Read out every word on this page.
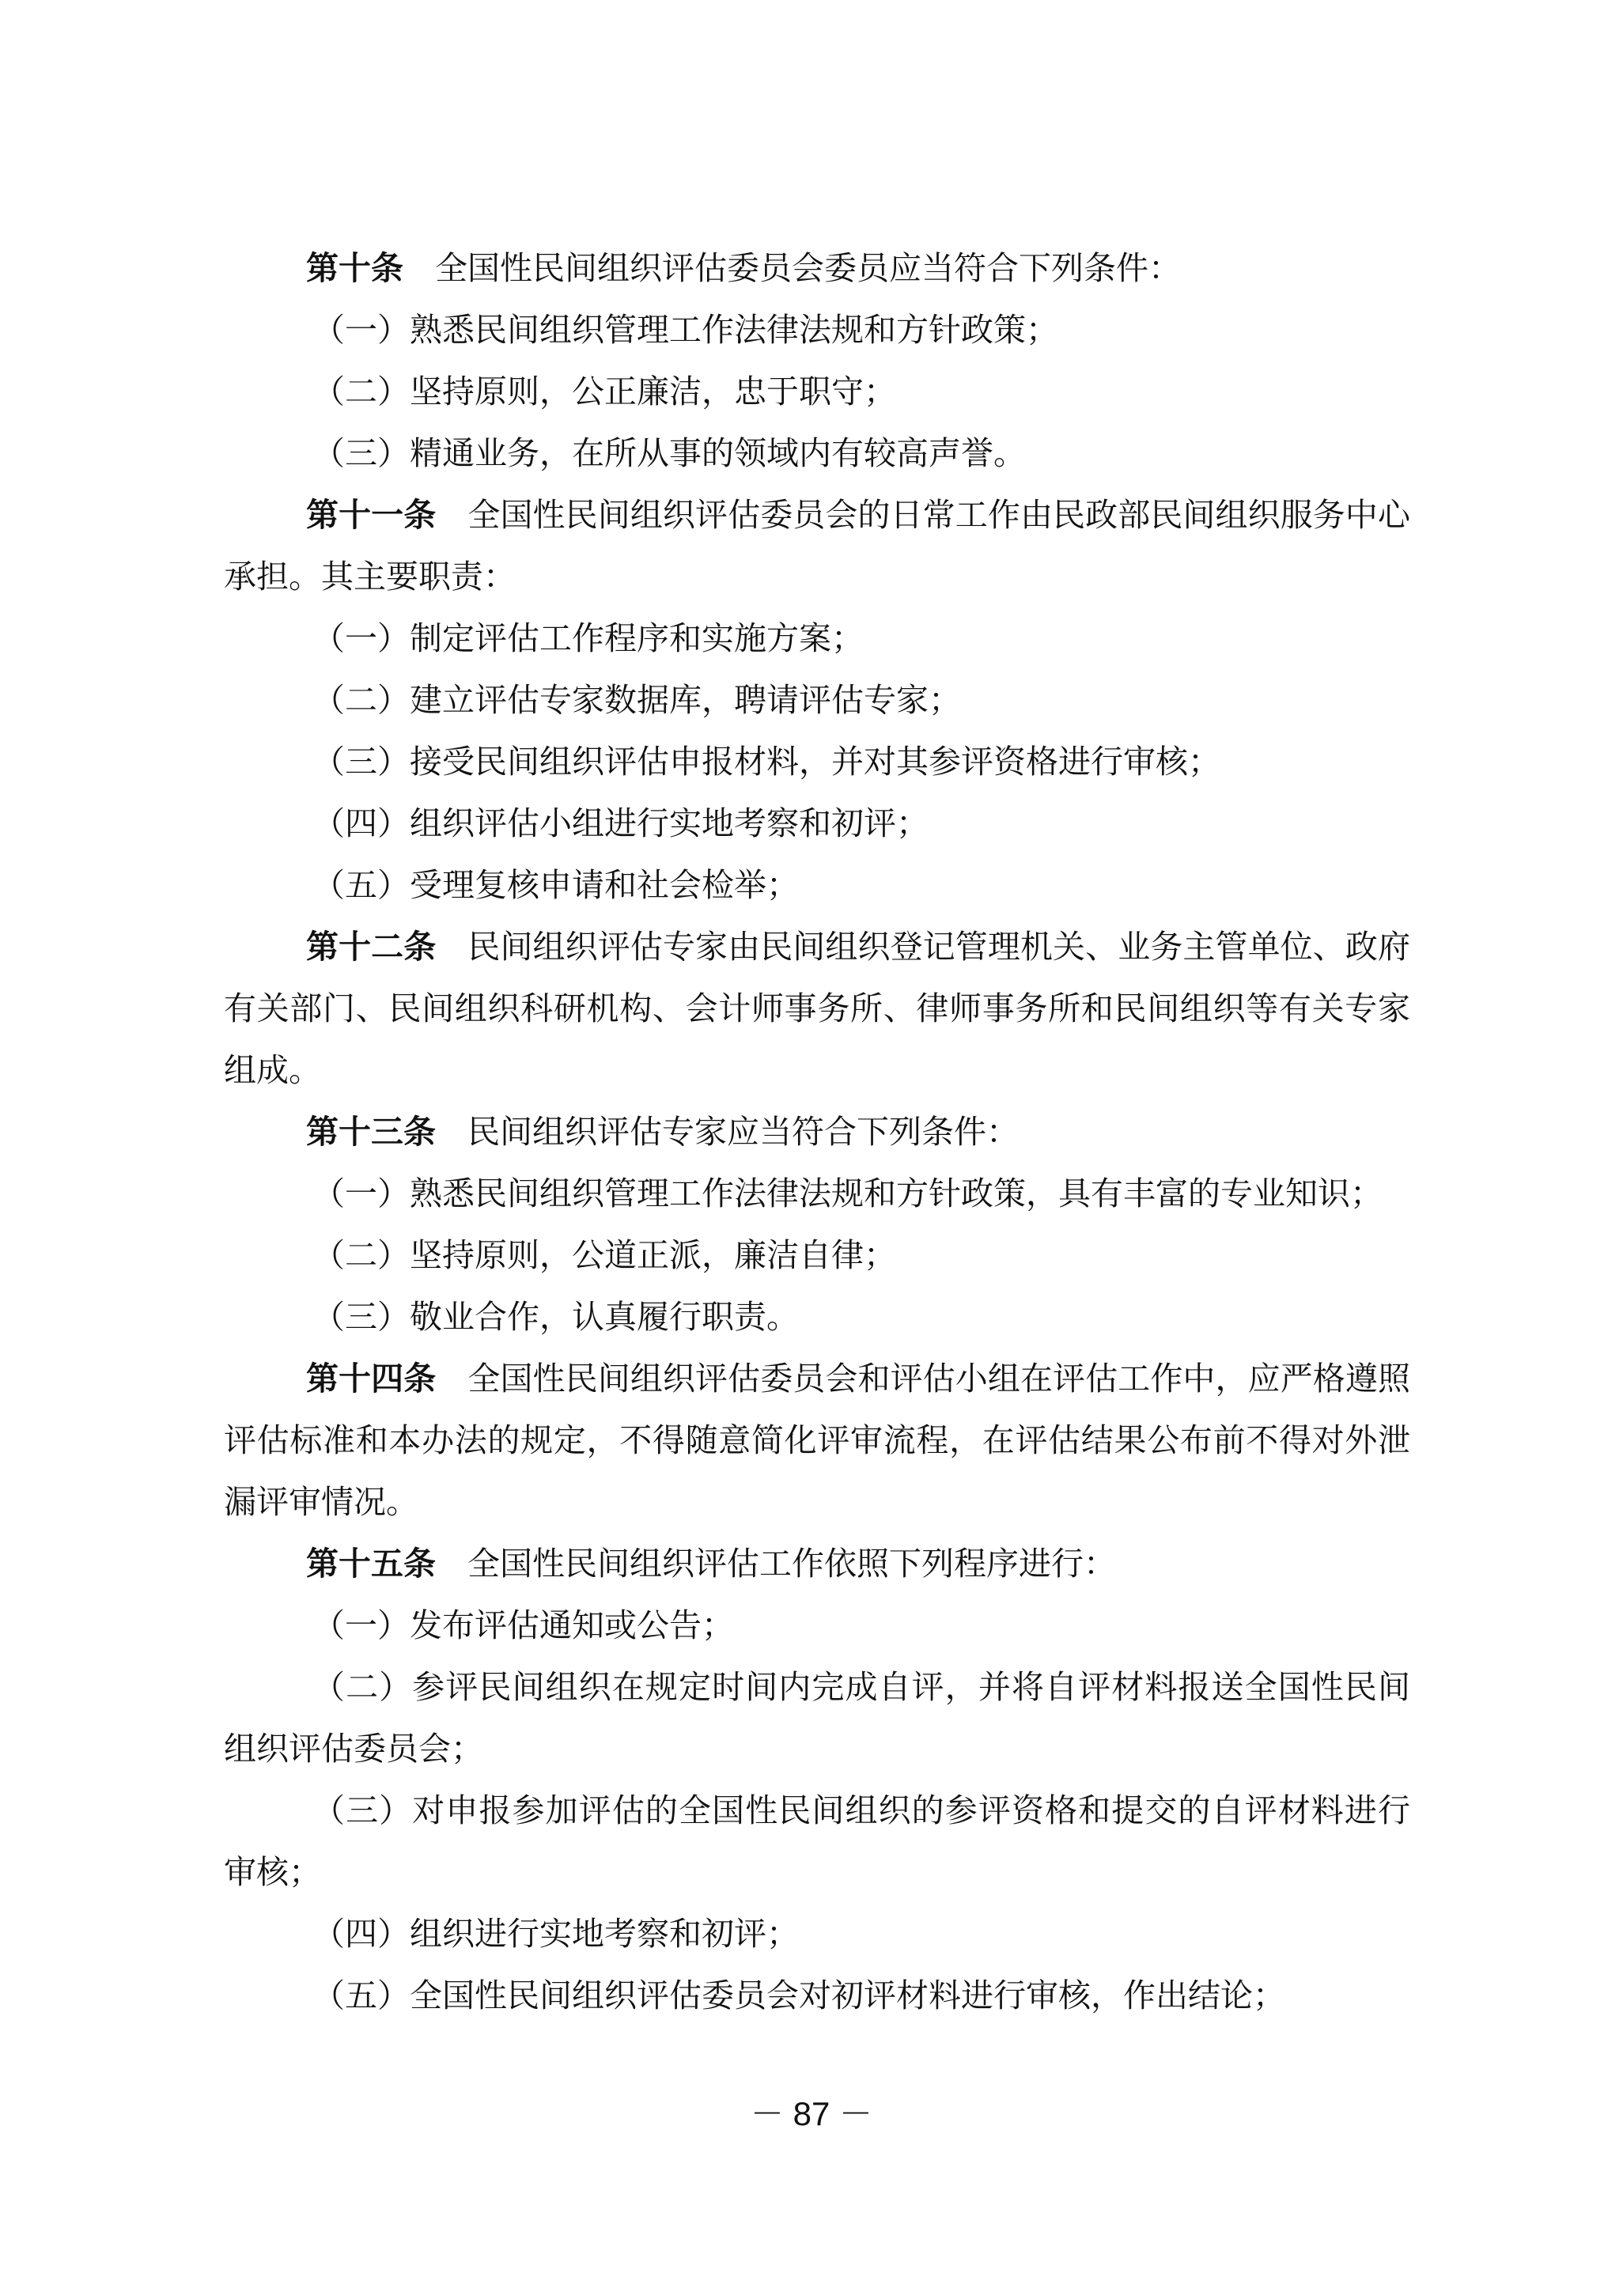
第十条 全国性民间组织评估委员会委员应当符合下列条件：

（一）熟悉民间组织管理工作法律法规和方针政策；

（二）坚持原则，公正廉洁，忠于职守；

（三）精通业务，在所从事的领域内有较高声誉。

第十一条 全国性民间组织评估委员会的日常工作由民政部民间组织服务中心承担。其主要职责：

（一）制定评估工作程序和实施方案；

（二）建立评估专家数据库，聘请评估专家；

（三）接受民间组织评估申报材料，并对其参评资格进行审核；

（四）组织评估小组进行实地考察和初评；

（五）受理复核申请和社会检举；

第十二条 民间组织评估专家由民间组织登记管理机关、业务主管单位、政府有关部门、民间组织科研机构、会计师事务所、律师事务所和民间组织等有关专家组成。

第十三条 民间组织评估专家应当符合下列条件：

（一）熟悉民间组织管理工作法律法规和方针政策，具有丰富的专业知识；

（二）坚持原则，公道正派，廉洁自律；

（三）敬业合作，认真履行职责。

第十四条 全国性民间组织评估委员会和评估小组在评估工作中，应严格遵照评估标准和本办法的规定，不得随意简化评审流程，在评估结果公布前不得对外泄漏评审情况。

第十五条 全国性民间组织评估工作依照下列程序进行：

（一）发布评估通知或公告；

（二）参评民间组织在规定时间内完成自评，并将自评材料报送全国性民间组织评估委员会；

（三）对申报参加评估的全国性民间组织的参评资格和提交的自评材料进行审核；

（四）组织进行实地考察和初评；

（五）全国性民间组织评估委员会对初评材料进行审核，作出结论；

－ 87 －
